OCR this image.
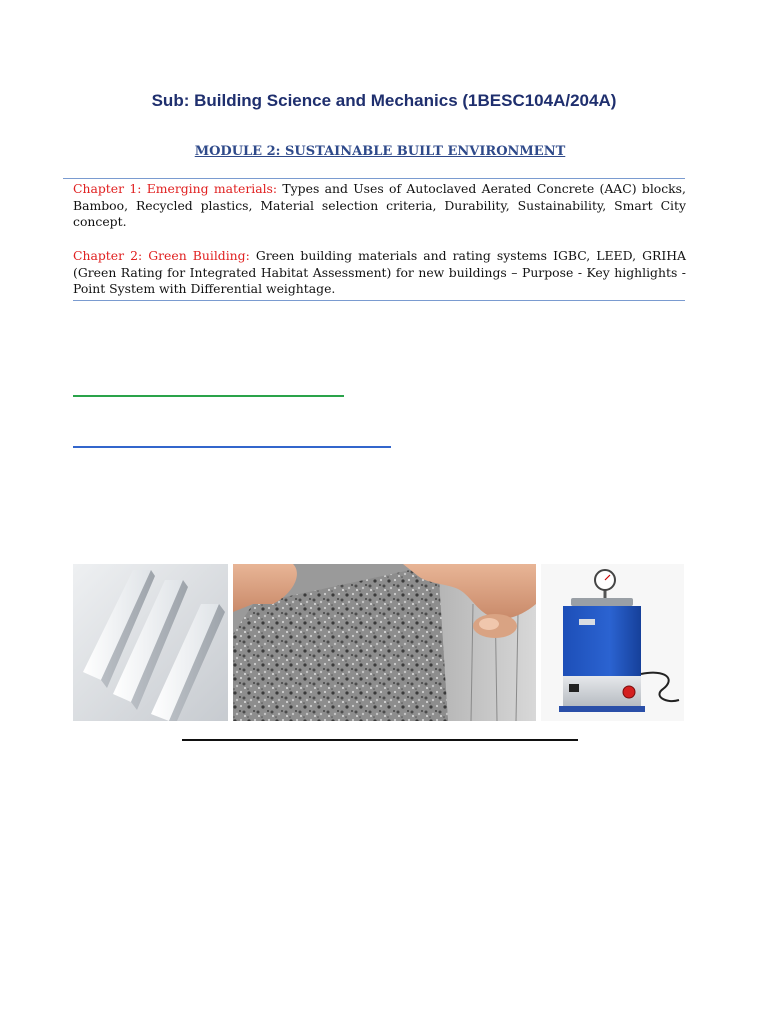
Sub: Building Science and Mechanics (1BESC104A/204A)
MODULE 2: SUSTAINABLE BUILT ENVIRONMENT

Chapter 1: Emerging materials: Types and Uses of Autoclaved Aerated Concrete (AAC) blocks, Bamboo, Recycled plastics, Material selection criteria, Durability, Sustainability, Smart City concept.

Chapter 2: Green Building: Green building materials and rating systems IGBC, LEED, GRIHA (Green Rating for Integrated Habitat Assessment) for new buildings – Purpose - Key highlights - Point System with Differential weightage.
